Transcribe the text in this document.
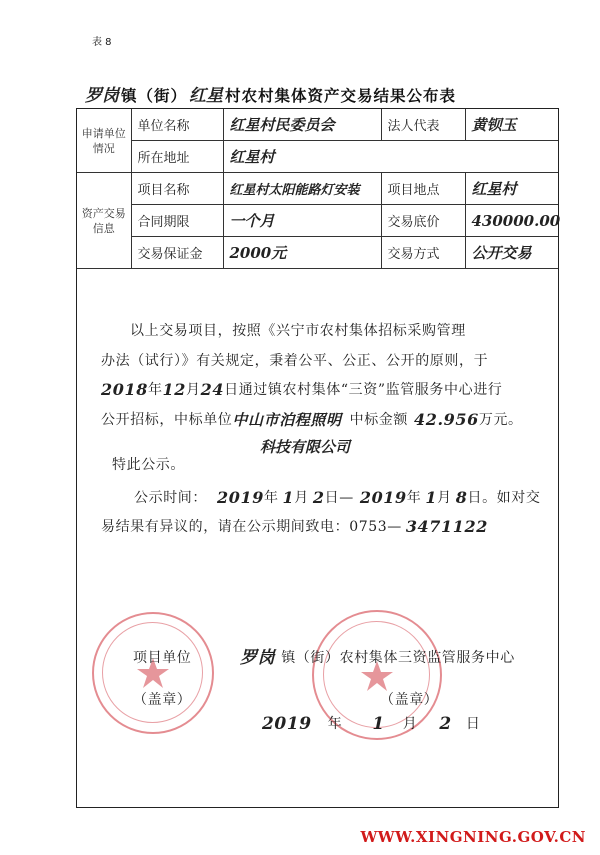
表 8
罗岗 镇（街） 红星 村农村集体资产交易结果公布表
申请单位情况	单位名称	红星村民委员会	法人代表	黄钡玉
	所在地址	红星村		
资产交易信息	项目名称	红星村太阳能路灯安装	项目地点	红星村
	合同期限	一个月	交易底价	430000.00
	交易保证金	2000元	交易方式	公开交易
以上交易项目，按照《兴宁市农村集体招标采购管理
办法（试行）》有关规定，秉着公平、公正、公开的原则，于
2018 年 12 月 24 日通过镇农村集体“三资”监管服务中心进行
公开招标，中标单位 中山市泊程照明 中标金额 42.956 万元。
科技有限公司
特此公示。
公示时间： 2019 年 1 月 2 日 — 2019 年 1 月 8 日 。如对交
易结果有异议的，请在公示期间致电：0753— 3471122
项目单位
（盖章）
罗岗 镇（街）农村集体三资监管服务中心
（盖章）
2019 年 1 月 2 日
WWW.XINGNING.GOV.CN
